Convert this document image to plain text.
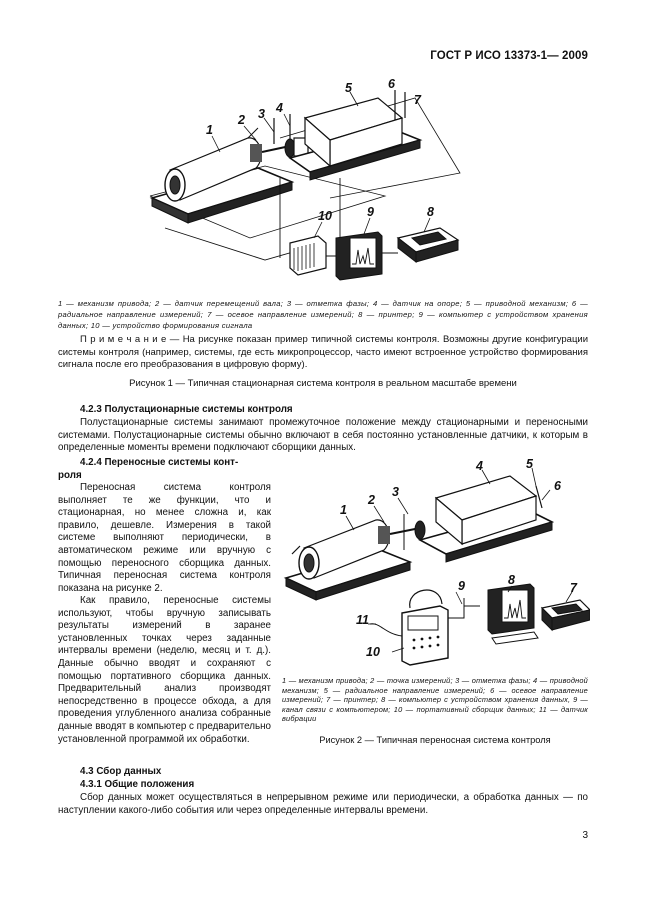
ГОСТ Р ИСО 13373-1— 2009
1
2 3 4
5	6
7
8
9
10
1 — механизм привода; 2 — датчик перемещений вала; 3 — отметка фазы; 4 — датчик на опоре; 5 — приводной механизм; 6 — радиальное направление измерений; 7 — осевое направление измерений; 8 — принтер; 9 — компьютер с устройством хранения данных; 10 — устройство формирования сигнала
П р и м е ч а н и е — На рисунке показан пример типичной системы контроля. Возможны другие конфигурации системы контроля (например, системы, где есть микропроцессор, часто имеют встроенное устройство формирования сигнала после его преобразования в цифровую форму).
Рисунок 1 — Типичная стационарная система контроля в реальном масштабе времени
4.2.3 Полустационарные системы контроля
Полустационарные системы занимают промежуточное положение между стационарными и переносными системами. Полустационарные системы обычно включают в себя постоянно установленные датчики, к которым в определенные моменты времени подключают сборщики данных.
4.2.4 Переносные системы конт-
роля
Переносная система контроля выполняет те же функции, что и стационарная, но менее сложна и, как правило, дешевле. Измерения в такой системе выполняют периодически, в автоматическом режиме или вручную с помощью переносного сборщика данных. Типичная переносная система контроля показана на рисунке 2.
Как правило, переносные системы используют, чтобы вручную записывать результаты измерений в заранее установленных точках через заданные интервалы времени (неделю, месяц и т. д.). Данные обычно вводят и сохраняют с помощью портативного сборщика данных. Предварительный анализ производят непосредственно в процессе обхода, а для проведения углубленного анализа собранные данные вводят в компьютер с предварительно установленной программой их обработки.
1
2
3
4	5
6
7
8
9
10
11
1 — механизм привода; 2 — точка измерений; 3 — отметка фазы; 4 — приводной механизм; 5 — радиальное направление измерений; 6 — осевое направление измерений; 7 — принтер; 8 — компьютер с устройством хранения данных, 9 — канал связи с компьютером; 10 — портативный сборщик данных; 11 — датчик вибрации
Рисунок 2 — Типичная переносная система контроля
4.3 Сбор данных
4.3.1 Общие положения
Сбор данных может осуществляться в непрерывном режиме или периодически, а обработка данных — по наступлении какого-либо события или через определенные интервалы времени.
3
